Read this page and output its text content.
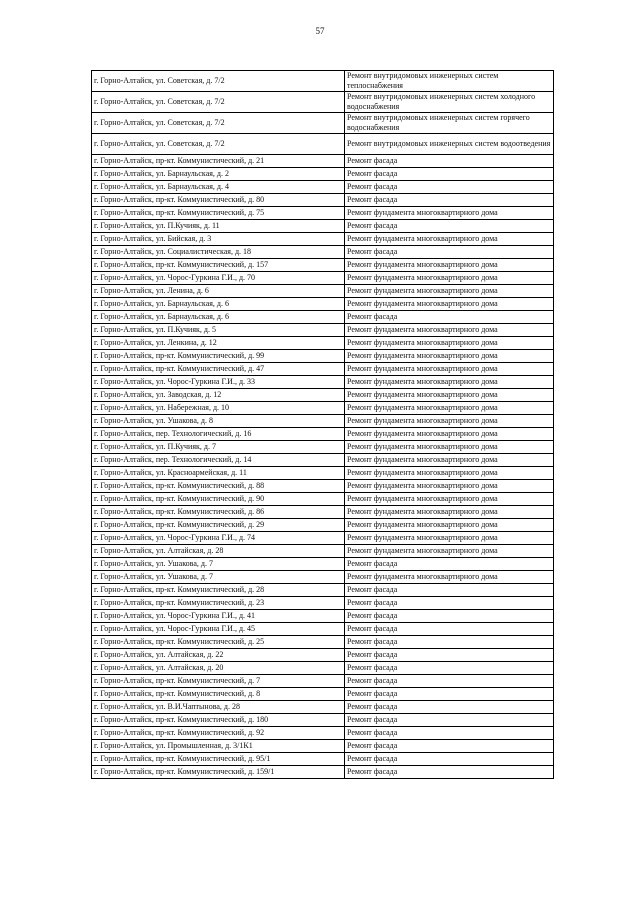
57
г. Горно-Алтайск, ул. Советская, д. 7/2	Ремонт внутридомовых инженерных систем теплоснабжения
г. Горно-Алтайск, ул. Советская, д. 7/2	Ремонт внутридомовых инженерных систем холодного водоснабжения
г. Горно-Алтайск, ул. Советская, д. 7/2	Ремонт внутридомовых инженерных систем горячего водоснабжения
г. Горно-Алтайск, ул. Советская, д. 7/2	Ремонт внутридомовых инженерных систем водоотведения
г. Горно-Алтайск, пр-кт. Коммунистический, д. 21	Ремонт фасада
г. Горно-Алтайск, ул. Барнаульская, д. 2	Ремонт фасада
г. Горно-Алтайск, ул. Барнаульская, д. 4	Ремонт фасада
г. Горно-Алтайск, пр-кт. Коммунистический, д. 80	Ремонт фасада
г. Горно-Алтайск, пр-кт. Коммунистический, д. 75	Ремонт фундамента многоквартирного дома
г. Горно-Алтайск, ул. П.Кучияк, д. 11	Ремонт фасада
г. Горно-Алтайск, ул. Бийская, д. 3	Ремонт фундамента многоквартирного дома
г. Горно-Алтайск, ул. Социалистическая, д. 18	Ремонт фасада
г. Горно-Алтайск, пр-кт. Коммунистический, д. 157	Ремонт фундамента многоквартирного дома
г. Горно-Алтайск, ул. Чорос-Гуркина Г.И., д. 70	Ремонт фундамента многоквартирного дома
г. Горно-Алтайск, ул. Ленина, д. 6	Ремонт фундамента многоквартирного дома
г. Горно-Алтайск, ул. Барнаульская, д. 6	Ремонт фундамента многоквартирного дома
г. Горно-Алтайск, ул. Барнаульская, д. 6	Ремонт фасада
г. Горно-Алтайск, ул. П.Кучияк, д. 5	Ремонт фундамента многоквартирного дома
г. Горно-Алтайск, ул. Ленкина, д. 12	Ремонт фундамента многоквартирного дома
г. Горно-Алтайск, пр-кт. Коммунистический, д. 99	Ремонт фундамента многоквартирного дома
г. Горно-Алтайск, пр-кт. Коммунистический, д. 47	Ремонт фундамента многоквартирного дома
г. Горно-Алтайск, ул. Чорос-Гуркина Г.И., д. 33	Ремонт фундамента многоквартирного дома
г. Горно-Алтайск, ул. Заводская, д. 12	Ремонт фундамента многоквартирного дома
г. Горно-Алтайск, ул. Набережная, д. 10	Ремонт фундамента многоквартирного дома
г. Горно-Алтайск, ул. Ушакова, д. 8	Ремонт фундамента многоквартирного дома
г. Горно-Алтайск, пер. Технологический, д. 16	Ремонт фундамента многоквартирного дома
г. Горно-Алтайск, ул. П.Кучияк, д. 7	Ремонт фундамента многоквартирного дома
г. Горно-Алтайск, пер. Технологический, д. 14	Ремонт фундамента многоквартирного дома
г. Горно-Алтайск, ул. Красноармейская, д. 11	Ремонт фундамента многоквартирного дома
г. Горно-Алтайск, пр-кт. Коммунистический, д. 88	Ремонт фундамента многоквартирного дома
г. Горно-Алтайск, пр-кт. Коммунистический, д. 90	Ремонт фундамента многоквартирного дома
г. Горно-Алтайск, пр-кт. Коммунистический, д. 86	Ремонт фундамента многоквартирного дома
г. Горно-Алтайск, пр-кт. Коммунистический, д. 29	Ремонт фундамента многоквартирного дома
г. Горно-Алтайск, ул. Чорос-Гуркина Г.И., д. 74	Ремонт фундамента многоквартирного дома
г. Горно-Алтайск, ул. Алтайская, д. 28	Ремонт фундамента многоквартирного дома
г. Горно-Алтайск, ул. Ушакова, д. 7	Ремонт фасада
г. Горно-Алтайск, ул. Ушакова, д. 7	Ремонт фундамента многоквартирного дома
г. Горно-Алтайск, пр-кт. Коммунистический, д. 28	Ремонт фасада
г. Горно-Алтайск, пр-кт. Коммунистический, д. 23	Ремонт фасада
г. Горно-Алтайск, ул. Чорос-Гуркина Г.И., д. 41	Ремонт фасада
г. Горно-Алтайск, ул. Чорос-Гуркина Г.И., д. 45	Ремонт фасада
г. Горно-Алтайск, пр-кт. Коммунистический, д. 25	Ремонт фасада
г. Горно-Алтайск, ул. Алтайская, д. 22	Ремонт фасада
г. Горно-Алтайск, ул. Алтайская, д. 20	Ремонт фасада
г. Горно-Алтайск, пр-кт. Коммунистический, д. 7	Ремонт фасада
г. Горно-Алтайск, пр-кт. Коммунистический, д. 8	Ремонт фасада
г. Горно-Алтайск, ул. В.И.Чаптынова, д. 28	Ремонт фасада
г. Горно-Алтайск, пр-кт. Коммунистический, д. 180	Ремонт фасада
г. Горно-Алтайск, пр-кт. Коммунистический, д. 92	Ремонт фасада
г. Горно-Алтайск, ул. Промышленная, д. 3/1К1	Ремонт фасада
г. Горно-Алтайск, пр-кт. Коммунистический, д. 95/1	Ремонт фасада
г. Горно-Алтайск, пр-кт. Коммунистический, д. 159/1	Ремонт фасада
